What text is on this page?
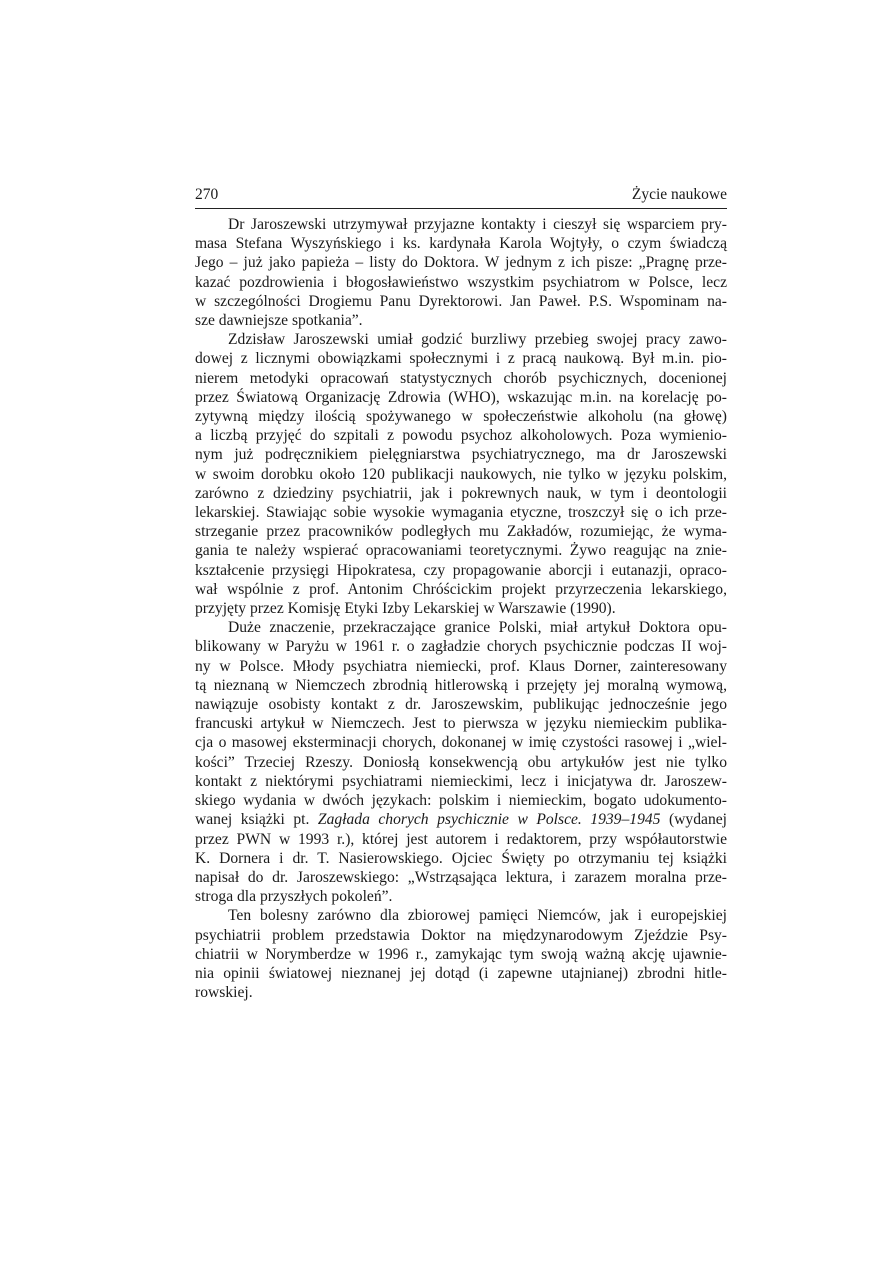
270	Życie naukowe
Dr Jaroszewski utrzymywał przyjazne kontakty i cieszył się wsparciem pry-
masa Stefana Wyszyńskiego i ks. kardynała Karola Wojtyły, o czym świadczą
Jego – już jako papieża – listy do Doktora. W jednym z ich pisze: „Pragnę prze-
kazać pozdrowienia i błogosławieństwo wszystkim psychiatrom w Polsce, lecz
w szczególności Drogiemu Panu Dyrektorowi. Jan Paweł. P.S. Wspominam na-
sze dawniejsze spotkania”.
Zdzisław Jaroszewski umiał godzić burzliwy przebieg swojej pracy zawo-
dowej z licznymi obowiązkami społecznymi i z pracą naukową. Był m.in. pio-
nierem metodyki opracowań statystycznych chorób psychicznych, docenionej
przez Światową Organizację Zdrowia (WHO), wskazując m.in. na korelację po-
zytywną między ilością spożywanego w społeczeństwie alkoholu (na głowę)
a liczbą przyjęć do szpitali z powodu psychoz alkoholowych. Poza wymienio-
nym już podręcznikiem pielęgniarstwa psychiatrycznego, ma dr Jaroszewski
w swoim dorobku około 120 publikacji naukowych, nie tylko w języku polskim,
zarówno z dziedziny psychiatrii, jak i pokrewnych nauk, w tym i deontologii
lekarskiej. Stawiając sobie wysokie wymagania etyczne, troszczył się o ich prze-
strzeganie przez pracowników podległych mu Zakładów, rozumiejąc, że wyma-
gania te należy wspierać opracowaniami teoretycznymi. Żywo reagując na znie-
kształcenie przysięgi Hipokratesa, czy propagowanie aborcji i eutanazji, opraco-
wał wspólnie z prof. Antonim Chróścickim projekt przyrzeczenia lekarskiego,
przyjęty przez Komisję Etyki Izby Lekarskiej w Warszawie (1990).
Duże znaczenie, przekraczające granice Polski, miał artykuł Doktora opu-
blikowany w Paryżu w 1961 r. o zagładzie chorych psychicznie podczas II woj-
ny w Polsce. Młody psychiatra niemiecki, prof. Klaus Dorner, zainteresowany
tą nieznaną w Niemczech zbrodnią hitlerowską i przejęty jej moralną wymową,
nawiązuje osobisty kontakt z dr. Jaroszewskim, publikując jednocześnie jego
francuski artykuł w Niemczech. Jest to pierwsza w języku niemieckim publika-
cja o masowej eksterminacji chorych, dokonanej w imię czystości rasowej i „wiel-
kości” Trzeciej Rzeszy. Doniosłą konsekwencją obu artykułów jest nie tylko
kontakt z niektórymi psychiatrami niemieckimi, lecz i inicjatywa dr. Jaroszew-
skiego wydania w dwóch językach: polskim i niemieckim, bogato udokumento-
wanej książki pt. Zagłada chorych psychicznie w Polsce. 1939–1945 (wydanej
przez PWN w 1993 r.), której jest autorem i redaktorem, przy współautorstwie
K. Dornera i dr. T. Nasierowskiego. Ojciec Święty po otrzymaniu tej książki
napisał do dr. Jaroszewskiego: „Wstrząsająca lektura, i zarazem moralna prze-
stroga dla przyszłych pokoleń”.
Ten bolesny zarówno dla zbiorowej pamięci Niemców, jak i europejskiej
psychiatrii problem przedstawia Doktor na międzynarodowym Zjeździe Psy-
chiatrii w Norymberdze w 1996 r., zamykając tym swoją ważną akcję ujawnie-
nia opinii światowej nieznanej jej dotąd (i zapewne utajnianej) zbrodni hitle-
rowskiej.
